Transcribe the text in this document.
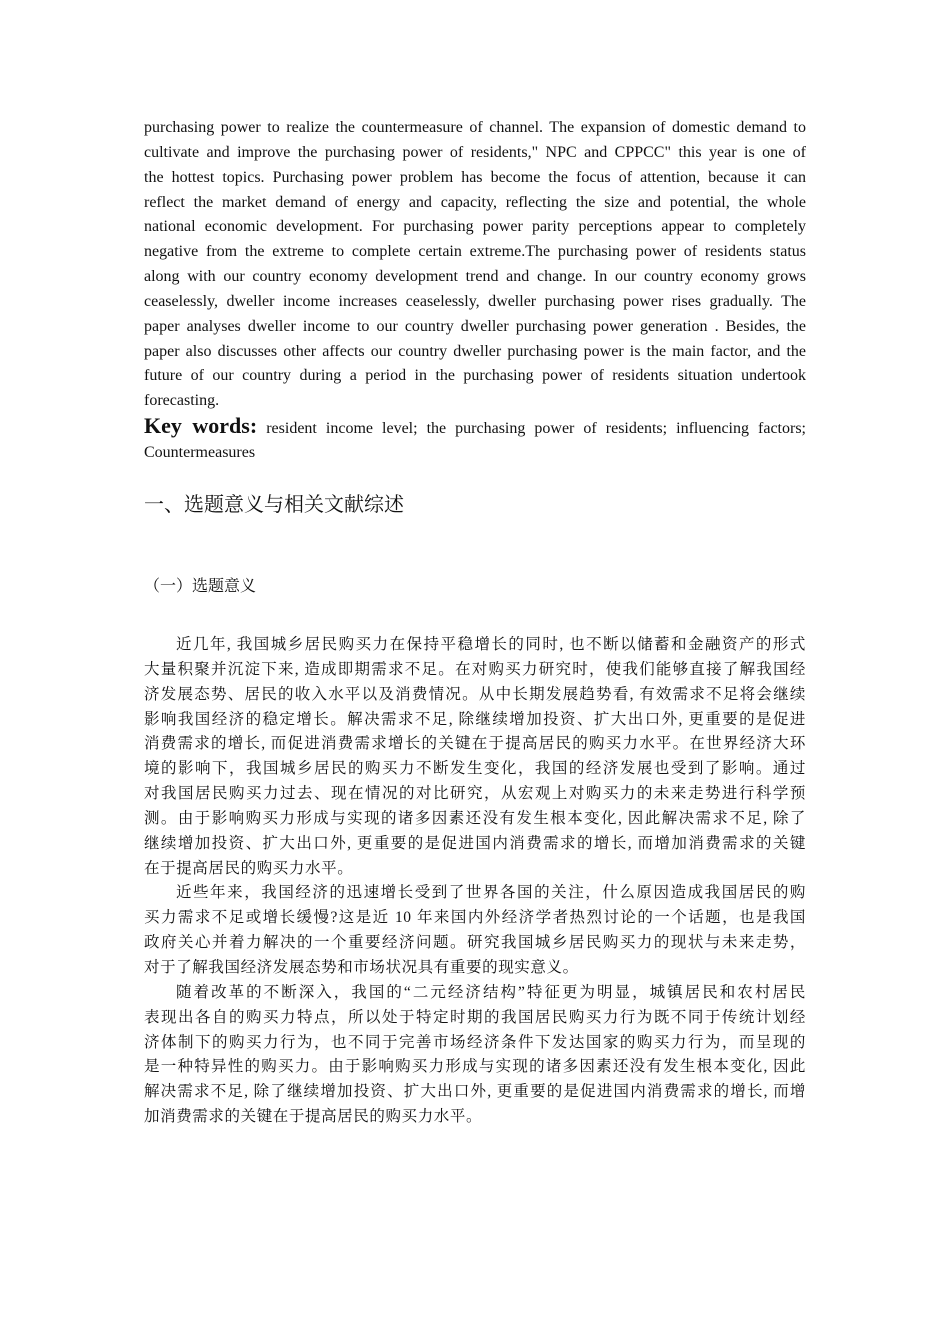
purchasing power to realize the countermeasure of channel. The expansion of domestic demand to
cultivate and improve the purchasing power of residents," NPC and CPPCC" this year is one of
the hottest topics. Purchasing power problem has become the focus of attention, because it can
reflect the market demand of energy and capacity, reflecting the size and potential, the whole
national economic development. For purchasing power parity perceptions appear to completely
negative from the extreme to complete certain extreme.The purchasing power of residents status
along with our country economy development trend and change. In our country economy grows
ceaselessly, dweller income increases ceaselessly, dweller purchasing power rises gradually. The
paper analyses dweller income to our country dweller purchasing power generation . Besides, the
paper also discusses other affects our country dweller purchasing power is the main factor, and the
future of our country during a period in the purchasing power of residents situation undertook
forecasting.
Key words: resident income level; the purchasing power of residents; influencing factors; Countermeasures
一、选题意义与相关文献综述
（一）选题意义
近几年, 我国城乡居民购买力在保持平稳增长的同时, 也不断以储蓄和金融资产的形式
大量积聚并沉淀下来, 造成即期需求不足。在对购买力研究时，使我们能够直接了解我国经
济发展态势、居民的收入水平以及消费情况。从中长期发展趋势看, 有效需求不足将会继续
影响我国经济的稳定增长。解决需求不足, 除继续增加投资、扩大出口外, 更重要的是促进
消费需求的增长, 而促进消费需求增长的关键在于提高居民的购买力水平。在世界经济大环
境的影响下，我国城乡居民的购买力不断发生变化，我国的经济发展也受到了影响。通过
对我国居民购买力过去、现在情况的对比研究，从宏观上对购买力的未来走势进行科学预
测。由于影响购买力形成与实现的诸多因素还没有发生根本变化, 因此解决需求不足, 除了
继续增加投资、扩大出口外, 更重要的是促进国内消费需求的增长, 而增加消费需求的关键
在于提高居民的购买力水平。
近些年来，我国经济的迅速增长受到了世界各国的关注，什么原因造成我国居民的购
买力需求不足或增长缓慢?这是近 10 年来国内外经济学者热烈讨论的一个话题，也是我国
政府关心并着力解决的一个重要经济问题。研究我国城乡居民购买力的现状与未来走势，
对于了解我国经济发展态势和市场状况具有重要的现实意义。
随着改革的不断深入，我国的“二元经济结构”特征更为明显，城镇居民和农村居民
表现出各自的购买力特点，所以处于特定时期的我国居民购买力行为既不同于传统计划经
济体制下的购买力行为，也不同于完善市场经济条件下发达国家的购买力行为，而呈现的
是一种特异性的购买力。由于影响购买力形成与实现的诸多因素还没有发生根本变化, 因此
解决需求不足, 除了继续增加投资、扩大出口外, 更重要的是促进国内消费需求的增长, 而增
加消费需求的关键在于提高居民的购买力水平。
